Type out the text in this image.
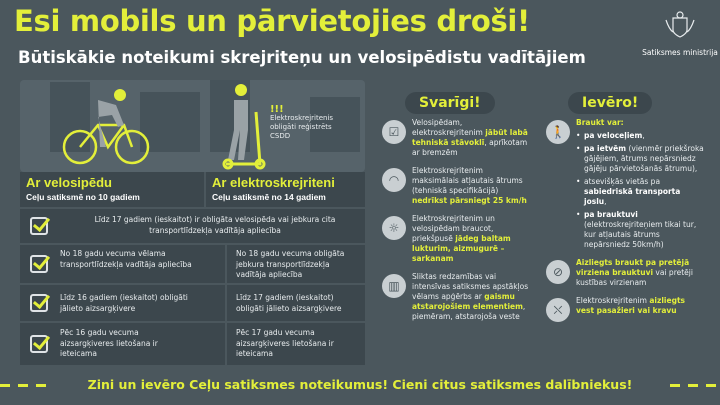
Esi mobils un pārvietojies droši!
Būtiskākie noteikumi skrejriteņu un velosipēdistu vadītājiem	Satiksmes ministrija
!!!
Elektroskrejritenis obligāti reģistrēts CSDD
Ar velosipēdu
Ceļu satiksmē no 10 gadiem
Ar elektroskrejriteni
Ceļu satiksmē no 14 gadiem
Līdz 17 gadiem (ieskaitot) ir obligāta velosipēda vai jebkura cita transportlīdzekļa vadītāja apliecība
No 18 gadu vecuma vēlama transportlīdzekļa vadītāja apliecība
No 18 gadu vecuma obligāta jebkura transportlīdzekļa vadītāja apliecība
Līdz 16 gadiem (ieskaitot) obligāti jālieto aizsargķivere
Līdz 17 gadiem (ieskaitot) obligāti jālieto aizsargķivere
Pēc 16 gadu vecuma aizsargķiveres lietošana ir ieteicama
Pēc 17 gadu vecuma aizsargķiveres lietošana ir ieteicama
Svarīgi!
☑
Velosipēdam, elektroskrejritenim jābūt labā tehniskā stāvoklī, aprīkotam ar bremzēm
◠
Elektroskrejritenim maksimālais atļautais ātrums (tehniskā specifikācijā) nedrīkst pārsniegt 25 km/h
☼
Elektroskrejritenim un velosipēdam braucot, priekšpusē jādeg baltam lukturim, aizmugurē – sarkanam
▥
Sliktas redzamības vai intensīvas satiksmes apstākļos vēlams apģērbs ar gaismu atstarojošiem elementiem, piemēram, atstarojoša veste
Ievēro!
🚶
Braukt var:
• pa veloceļiem,
• pa ietvēm (vienmēr priekšroka gājējiem, ātrums nepārsniedz gājēju pārvietošanās ātrumu),
• atsevišķās vietās pa sabiedriskā transporta joslu,
• pa brauktuvi (elektroskrejriteņiem tikai tur, kur atļautais ātrums nepārsniedz 50km/h)
⊘
Aizliegts braukt pa pretējā virziena brauktuvi vai pretēji kustības virzienam
⛌
Elektroskrejritenim aizliegts vest pasažieri vai kravu
Zini un ievēro Ceļu satiksmes noteikumus! Cieni citus satiksmes dalībniekus!
